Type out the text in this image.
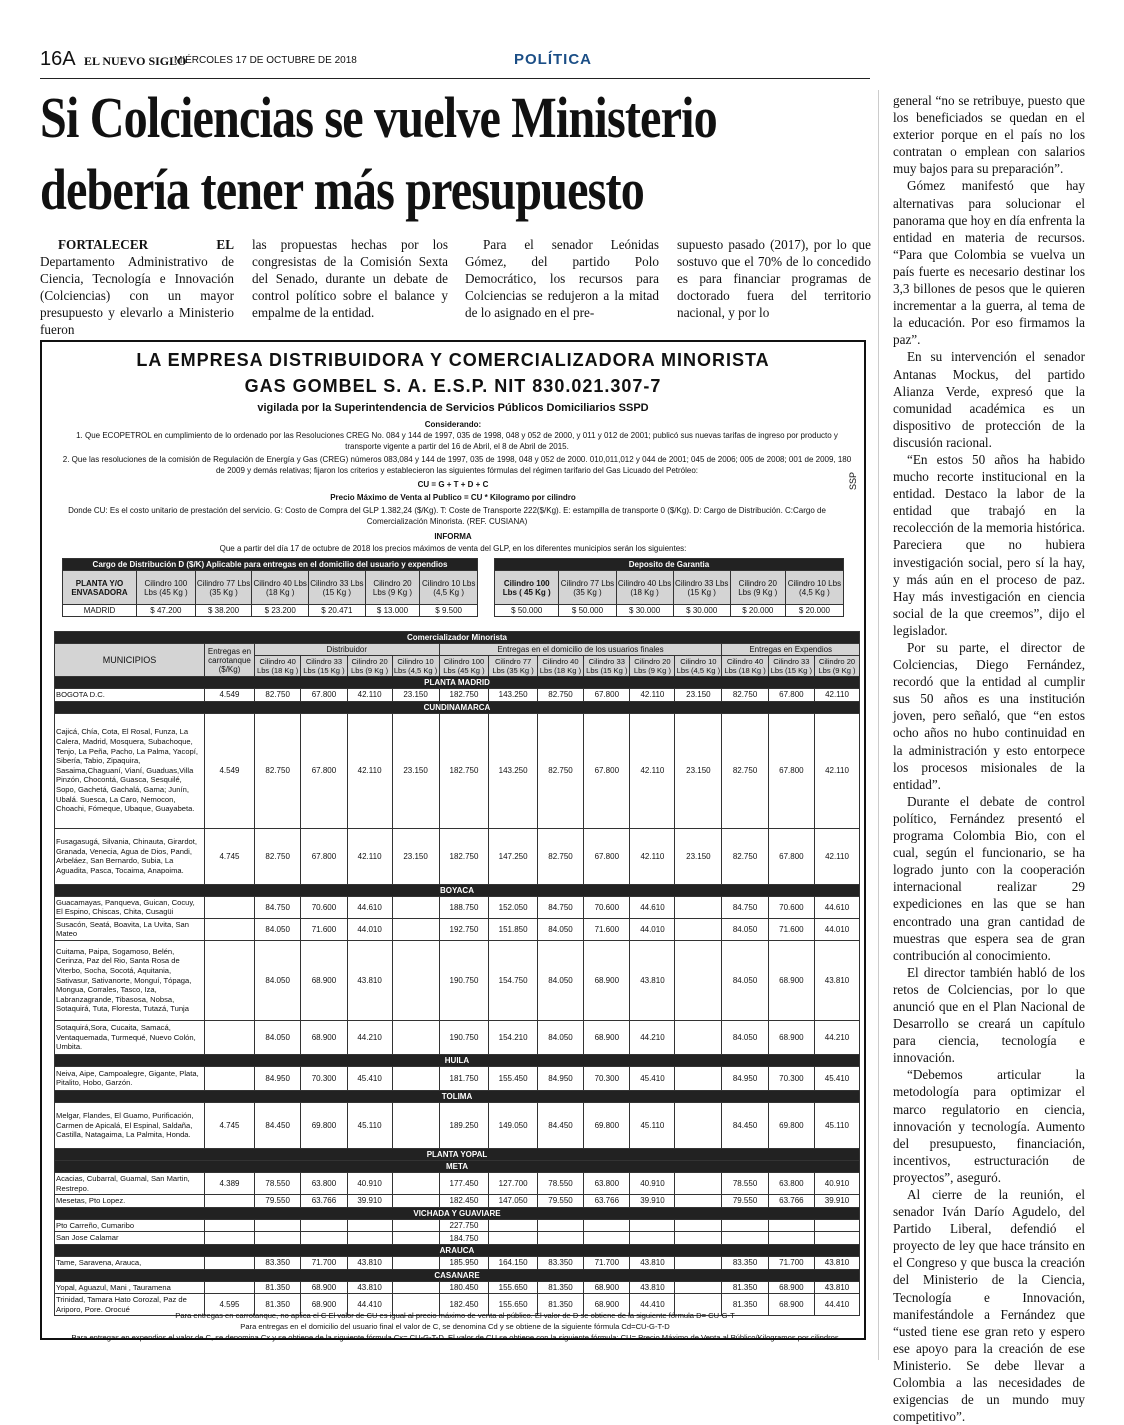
16A EL NUEVO SIGLO
MIÉRCOLES 17 DE OCTUBRE DE 2018	POLÍTICA
Si Colciencias se vuelve Ministerio
debería tener más presupuesto

FORTALECER EL Departamento Administrativo de Ciencia, Tecnología e Innovación (Colciencias) con un mayor presupuesto y elevarlo a Ministerio fueron

las propuestas hechas por los congresistas de la Comisión Sexta del Senado, durante un debate de control político sobre el balance y empalme de la entidad.

Para el senador Leónidas Gómez, del partido Polo Democrático, los recursos para Colciencias se redujeron a la mitad de lo asignado en el pre-

supuesto pasado (2017), por lo que sostuvo que el 70% de lo concedido es para financiar programas de doctorado fuera del territorio nacional, y por lo

general “no se retribuye, puesto que los beneficiados se quedan en el exterior porque en el país no los contratan o emplean con salarios muy bajos para su preparación”.

Gómez manifestó que hay alternativas para solucionar el panorama que hoy en día enfrenta la entidad en materia de recursos. “Para que Colombia se vuelva un país fuerte es necesario destinar los 3,3 billones de pesos que le quieren incrementar a la guerra, al tema de la educación. Por eso firmamos la paz”.

En su intervención el senador Antanas Mockus, del partido Alianza Verde, expresó que la comunidad académica es un dispositivo de protección de la discusión racional.

“En estos 50 años ha habido mucho recorte institucional en la entidad. Destaco la labor de la entidad que trabajó en la recolección de la memoria histórica. Pareciera que no hubiera investigación social, pero sí la hay, y más aún en el proceso de paz. Hay más investigación en ciencia social de la que creemos”, dijo el legislador.

Por su parte, el director de Colciencias, Diego Fernández, recordó que la entidad al cumplir sus 50 años es una institución joven, pero señaló, que “en estos ocho años no hubo continuidad en la administración y esto entorpece los procesos misionales de la entidad”.

Durante el debate de control político, Fernández presentó el programa Colombia Bio, con el cual, según el funcionario, se ha logrado junto con la cooperación internacional realizar 29 expediciones en las que se han encontrado una gran cantidad de muestras que espera sea de gran contribución al conocimiento.

El director también habló de los retos de Colciencias, por lo que anunció que en el Plan Nacional de Desarrollo se creará un capítulo para ciencia, tecnología e innovación.

“Debemos articular la metodología para optimizar el marco regulatorio en ciencia, innovación y tecnología. Aumento del presupuesto, financiación, incentivos, estructuración de proyectos”, aseguró.

Al cierre de la reunión, el senador Iván Darío Agudelo, del Partido Liberal, defendió el proyecto de ley que hace tránsito en el Congreso y que busca la creación del Ministerio de la Ciencia, Tecnología e Innovación, manifestándole a Fernández que “usted tiene ese gran reto y espero ese apoyo para la creación de ese Ministerio. Se debe llevar a Colombia a las necesidades de exigencias de un mundo muy competitivo”.

LA EMPRESA DISTRIBUIDORA Y COMERCIALIZADORA MINORISTA
GAS GOMBEL S. A. E.S.P. NIT 830.021.307-7
vigilada por la Superintendencia de Servicios Públicos Domiciliarios SSPD
Considerando:
1. Que ECOPETROL en cumplimiento de lo ordenado por las Resoluciones CREG No. 084 y 144 de 1997, 035 de 1998, 048 y 052 de 2000, y 011 y 012 de 2001; publicó sus nuevas tarifas de ingreso por producto y transporte vigente a partir del 16 de Abril, el 8 de Abril de 2015.
2. Que las resoluciones de la comisión de Regulación de Energía y Gas (CREG) números 083,084 y 144 de 1997, 035 de 1998, 048 y 052 de 2000. 010,011,012 y 044 de 2001; 045 de 2006; 005 de 2008; 001 de 2009, 180 de 2009 y demás relativas; fijaron los criterios y establecieron las siguientes fórmulas del régimen tarifario del Gas Licuado del Petróleo:
CU = G + T + D + C
Precio Máximo de Venta al Publico = CU * Kilogramo por cilindro
Donde CU: Es el costo unitario de prestación del servicio. G: Costo de Compra del GLP 1.382,24 ($/Kg). T: Coste de Transporte 222($/Kg). E: estampilla de transporte 0 ($/Kg). D: Cargo de Distribución. C:Cargo de Comercialización Minorista. (REF. CUSIANA)
INFORMA
Que a partir del día 17 de octubre de 2018 los precios máximos de venta del GLP, en los diferentes municipios serán los siguientes:
SSP
Cargo de Distribución D ($/K) Aplicable para entregas en el domicilio del usuario y expendios						
PLANTA Y/O ENVASADORA	Cilindro 100 Lbs (45 Kg )	Cilindro 77 Lbs (35 Kg )	Cilindro 40 Lbs (18 Kg )	Cilindro 33 Lbs (15 Kg )	Cilindro 20 Lbs (9 Kg )	Cilindro 10 Lbs (4,5 Kg )
MADRID	$ 47.200	$ 38.200	$ 23.200	$ 20.471	$ 13.000	$ 9.500
Deposito de Garantia					
Cilindro 100 Lbs ( 45 Kg )	Cilindro 77 Lbs (35 Kg )	Cilindro 40 Lbs (18 Kg )	Cilindro 33 Lbs (15 Kg )	Cilindro 20 Lbs (9 Kg )	Cilindro 10 Lbs (4,5 Kg )
$ 50.000	$ 50.000	$ 30.000	$ 30.000	$ 20.000	$ 20.000
Comercializador Minorista														
MUNICIPIOS	Entregas en carrotanque ($/Kg)	Distribuidor				Entregas en el domicilio de los usuarios finales						Entregas en Expendios		
		Cilindro 40 Lbs (18 Kg )	Cilindro 33 Lbs (15 Kg )	Cilindro 20 Lbs (9 Kg )	Cilindro 10 Lbs (4,5 Kg )	Cilindro 100 Lbs (45 Kg )	Cilindro 77 Lbs (35 Kg )	Cilindro 40 Lbs (18 Kg )	Cilindro 33 Lbs (15 Kg )	Cilindro 20 Lbs (9 Kg )	Cilindro 10 Lbs (4,5 Kg )	Cilindro 40 Lbs (18 Kg )	Cilindro 33 Lbs (15 Kg )	Cilindro 20 Lbs (9 Kg )
PLANTA MADRID														
BOGOTA D.C.	4.549	82.750	67.800	42.110	23.150	182.750	143.250	82.750	67.800	42.110	23.150	82.750	67.800	42.110
CUNDINAMARCA														
Cajicá, Chía, Cota, El Rosal, Funza, La Calera, Madrid, Mosquera, Subachoque, Tenjo, La Peña, Pacho, La Palma, Yacopí, Sibería, Tabio, Zipaquira, Sasaima,Chaguaní, Vianí, Guaduas,Villa Pinzón, Chocontá, Guasca, Sesquilé, Sopo, Gachetá, Gachalá, Gama; Junín, Ubalá. Suesca, La Caro, Nemocon, Choachi, Fómeque, Ubaque, Guayabeta.	4.549	82.750	67.800	42.110	23.150	182.750	143.250	82.750	67.800	42.110	23.150	82.750	67.800	42.110
Fusagasugá, Silvania, Chinauta, Girardot, Granada, Venecia, Agua de Dios, Pandi, Arbeláez, San Bernardo, Subia, La Aguadita, Pasca, Tocaima, Anapoima.	4.745	82.750	67.800	42.110	23.150	182.750	147.250	82.750	67.800	42.110	23.150	82.750	67.800	42.110
BOYACA														
Guacamayas, Panqueva, Guican, Cocuy, El Espino, Chiscas, Chita, Cusagüi		84.750	70.600	44.610		188.750	152.050	84.750	70.600	44.610		84.750	70.600	44.610
Susacón, Seatá, Boavita, La Uvita, San Mateo		84.050	71.600	44.010		192.750	151.850	84.050	71.600	44.010		84.050	71.600	44.010
Cuitama, Paipa, Sogamoso, Belén, Cerinza, Paz del Rio, Santa Rosa de Viterbo, Socha, Socotá, Aquitania, Sativasur, Sativanorte, Monguí, Tópaga, Mongua, Corrales, Tasco, Iza, Labranzagrande, Tibasosa, Nobsa, Sotaquirá, Tuta, Floresta, Tutazá, Tunja		84.050	68.900	43.810		190.750	154.750	84.050	68.900	43.810		84.050	68.900	43.810
Sotaquirá,Sora, Cucaita, Samacá, Ventaquemada, Turmequé, Nuevo Colón, Umbita.		84.050	68.900	44.210		190.750	154.210	84.050	68.900	44.210		84.050	68.900	44.210
HUILA														
Neiva, Aipe, Campoalegre, Gigante, Plata, Pitalito, Hobo, Garzón.		84.950	70.300	45.410		181.750	155.450	84.950	70.300	45.410		84.950	70.300	45.410
TOLIMA														
Melgar, Flandes, El Guamo, Purificación, Carmen de Apicalá, El Espinal, Saldaña, Castilla, Natagaima, La Palmita, Honda.	4.745	84.450	69.800	45.110		189.250	149.050	84.450	69.800	45.110		84.450	69.800	45.110
PLANTA YOPAL														
META														
Acacias, Cubarral, Guamal, San Martin, Restrepo.	4.389	78.550	63.800	40.910		177.450	127.700	78.550	63.800	40.910		78.550	63.800	40.910
Mesetas, Pto Lopez.		79.550	63.766	39.910		182.450	147.050	79.550	63.766	39.910		79.550	63.766	39.910
VICHADA Y GUAVIARE														
Pto Carreño, Cumaribo						227.750								
San Jose Calamar						184.750								
ARAUCA														
Tame, Saravena, Arauca,		83.350	71.700	43.810		185.950	164.150	83.350	71.700	43.810		83.350	71.700	43.810
CASANARE														
Yopal, Aguazul, Mani , Tauramena		81.350	68.900	43.810		180.450	155.650	81.350	68.900	43.810		81.350	68.900	43.810
Trinidad, Tamara Hato Corozal, Paz de Ariporo, Pore. Orocué	4.595	81.350	68.900	44.410		182.450	155.650	81.350	68.900	44.410		81.350	68.900	44.410
Para entregas en carrotanque, no aplica el C El valor de CU es igual al precio máximo de venta al público. El valor de D se obtiene de la siguiente fórmula D= CU-G-T
Para entregas en el domicilio del usuario final el valor de C, se denomina Cd y se obtiene de la siguiente fórmula Cd=CU-G-T-D
Para entregas en expendios el valor de C, se denomina Cx y se obtiene de la siguiente fórmula Cx= CU-G-T-D. El valor de CU se obtiene con la siguiente fórmula: CU= Precio Máximo de Venta al Público/Kilogramos por cilindros
